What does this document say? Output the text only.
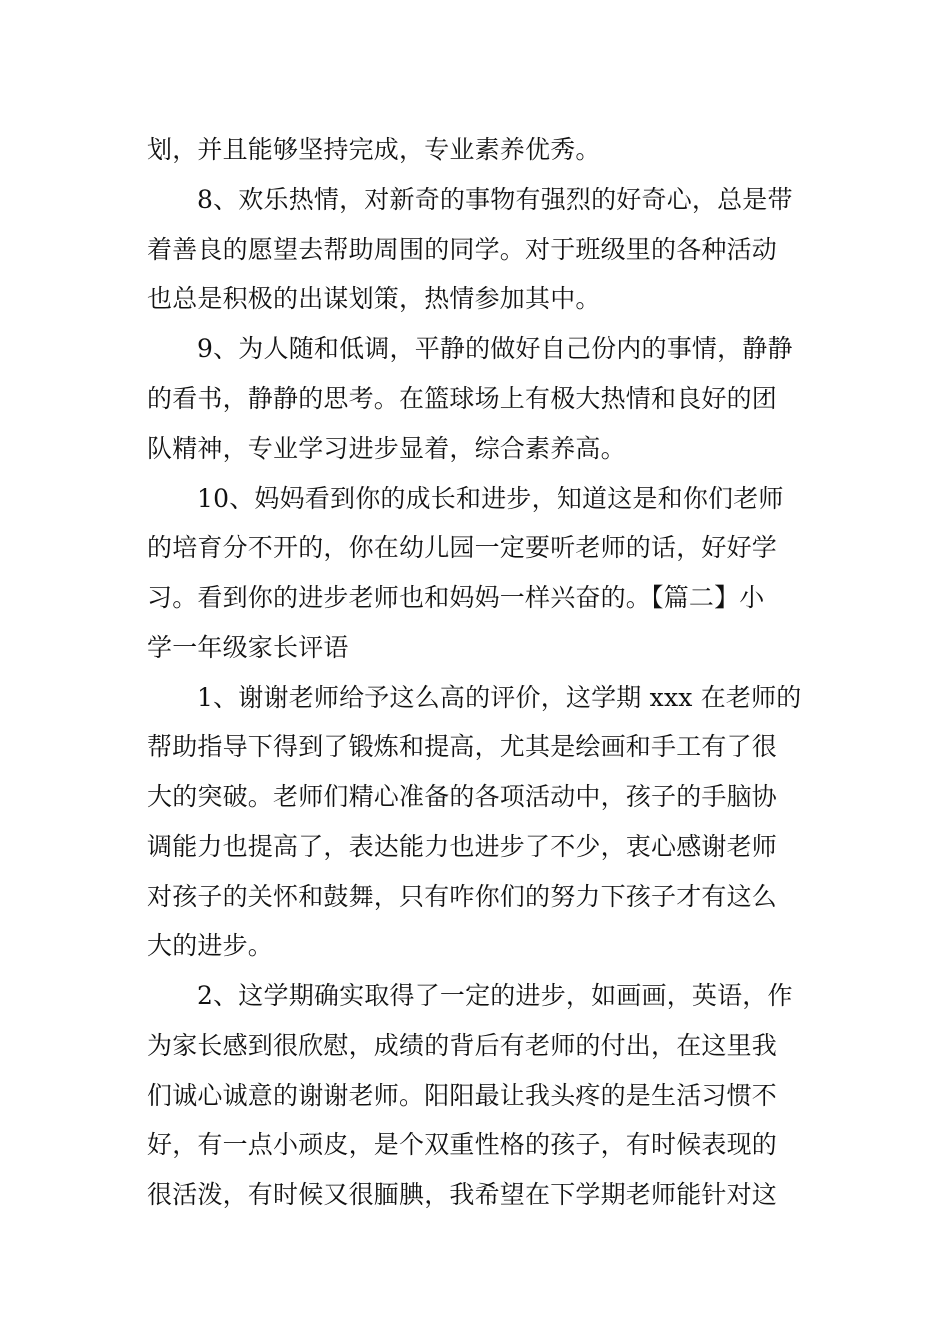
划，并且能够坚持完成，专业素养优秀。
8、欢乐热情，对新奇的事物有强烈的好奇心，总是带
着善良的愿望去帮助周围的同学。对于班级里的各种活动
也总是积极的出谋划策，热情参加其中。
9、为人随和低调，平静的做好自己份内的事情，静静
的看书，静静的思考。在篮球场上有极大热情和良好的团
队精神，专业学习进步显着，综合素养高。
10、妈妈看到你的成长和进步，知道这是和你们老师
的培育分不开的，你在幼儿园一定要听老师的话，好好学
习。看到你的进步老师也和妈妈一样兴奋的。【篇二】小
学一年级家长评语
1、谢谢老师给予这么高的评价，这学期 xxx 在老师的
帮助指导下得到了锻炼和提高，尤其是绘画和手工有了很
大的突破。老师们精心准备的各项活动中，孩子的手脑协
调能力也提高了，表达能力也进步了不少，衷心感谢老师
对孩子的关怀和鼓舞，只有咋你们的努力下孩子才有这么
大的进步。
2、这学期确实取得了一定的进步，如画画，英语，作
为家长感到很欣慰，成绩的背后有老师的付出，在这里我
们诚心诚意的谢谢老师。阳阳最让我头疼的是生活习惯不
好，有一点小顽皮，是个双重性格的孩子，有时候表现的
很活泼，有时候又很腼腆，我希望在下学期老师能针对这
